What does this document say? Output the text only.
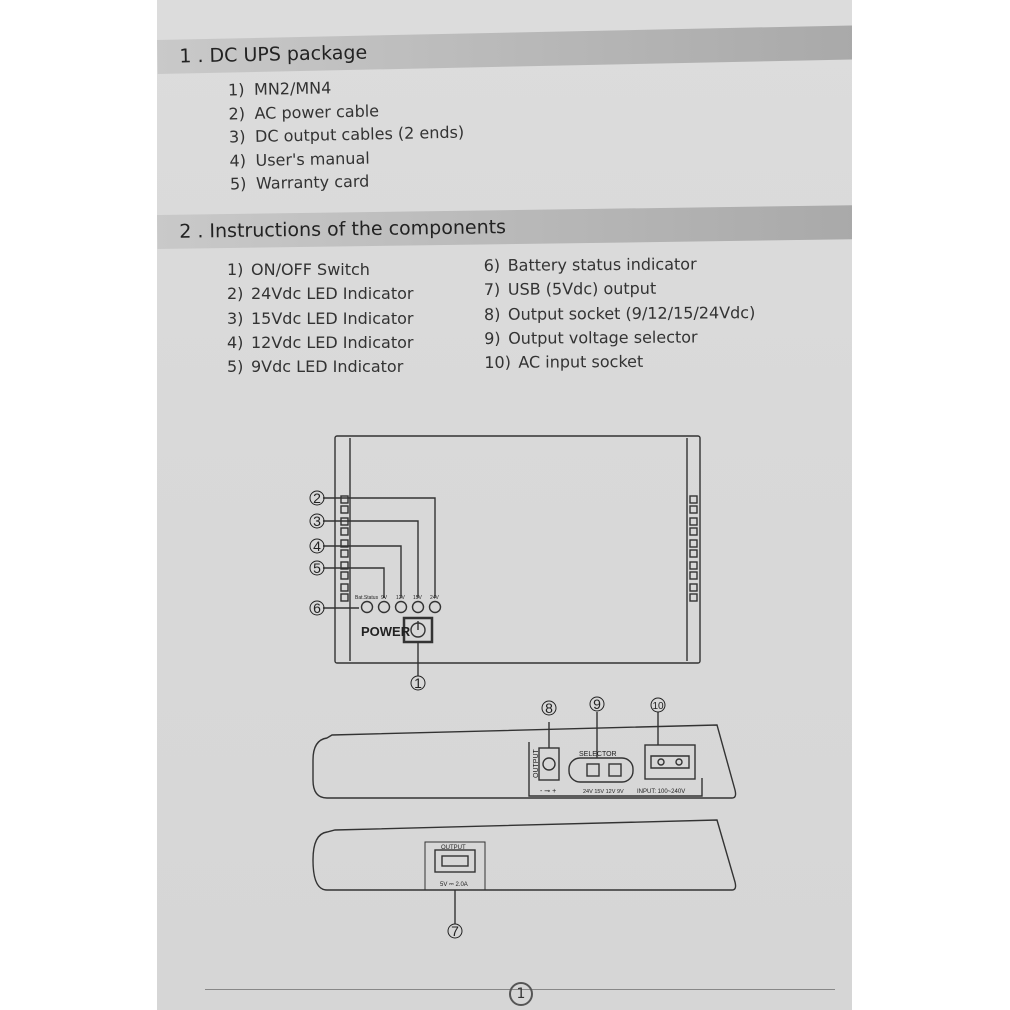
1 . DC UPS package
1) MN2/MN4
2) AC power cable
3) DC output cables (2 ends)
4) User's manual
5) Warranty card
2 . Instructions of the components
1) ON/OFF Switch
2) 24Vdc LED Indicator
3) 15Vdc LED Indicator
4) 12Vdc LED Indicator
5) 9Vdc LED Indicator
6) Battery status indicator
7) USB (5Vdc) output
8) Output socket (9/12/15/24Vdc)
9) Output voltage selector
10) AC input socket
2
3
4
5
6
1
8	9	10
7
Bat.Status 9V 12V 15V 24V
POWER
OUTPUT	SELECTOR
24V 15V 12V 9V INPUT: 100~240V
- ⊸ +
OUTPUT
5V ⎓ 2.0A
1
